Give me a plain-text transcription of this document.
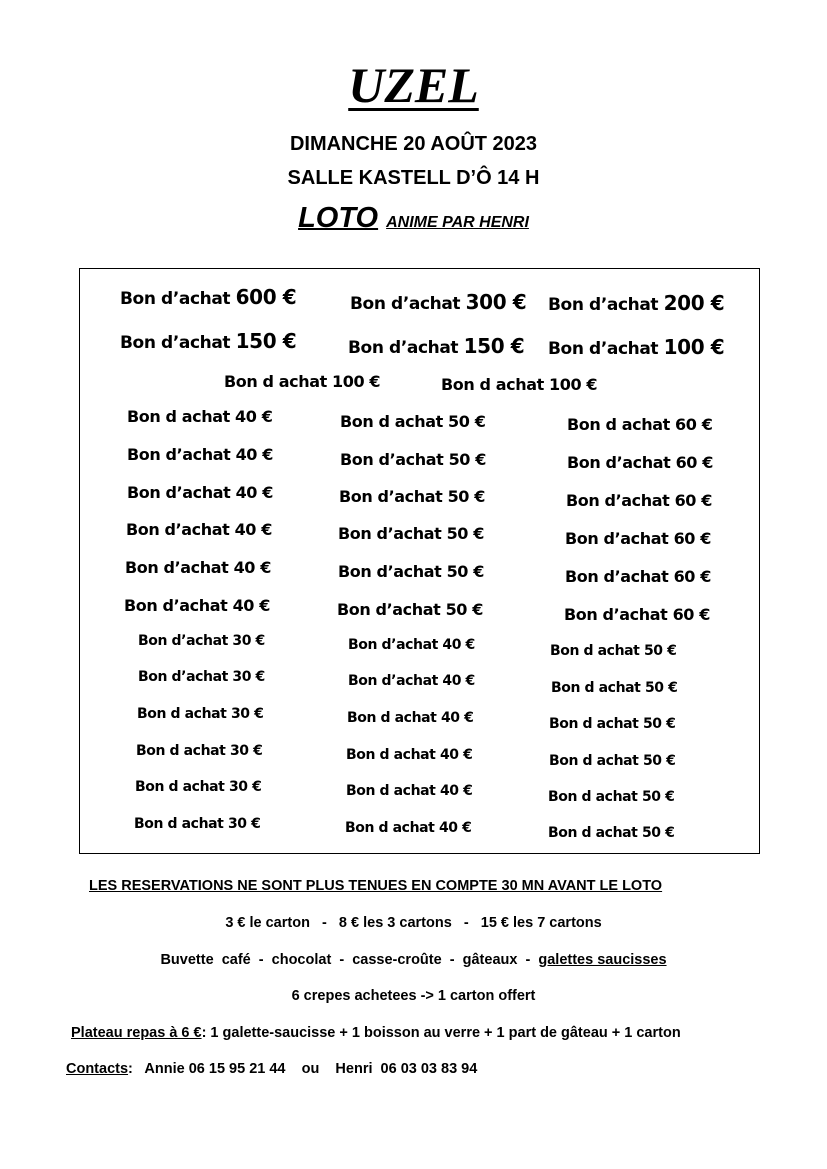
UZEL
DIMANCHE 20 AOÛT 2023
SALLE KASTELL D’Ô 14 H
LOTO ANIME PAR HENRI
Bon d’achat 600 €	Bon d’achat 300 € Bon d’achat 200 €
Bon d’achat 150 €	Bon d’achat 150 € Bon d’achat 100 €
Bon d achat 100 €	Bon d achat 100 €
Bon d achat 40 €	Bon d achat 50 €	Bon d achat 60 €
Bon d’achat 40 €	Bon d’achat 50 €	Bon d’achat 60 €
Bon d’achat 40 €	Bon d’achat 50 €	Bon d’achat 60 €
Bon d’achat 40 €	Bon d’achat 50 €	Bon d’achat 60 €
Bon d’achat 40 €	Bon d’achat 50 €	Bon d’achat 60 €
Bon d’achat 40 €	Bon d’achat 50 €	Bon d’achat 60 €
Bon d’achat 30 €	Bon d’achat 40 €	Bon d achat 50 €
Bon d’achat 30 €	Bon d’achat 40 €	Bon d achat 50 €
Bon d achat 30 €	Bon d achat 40 €	Bon d achat 50 €
Bon d achat 30 €	Bon d achat 40 €	Bon d achat 50 €
Bon d achat 30 €	Bon d achat 40 €	Bon d achat 50 €
Bon d achat 30 €	Bon d achat 40 €	Bon d achat 50 €
LES RESERVATIONS NE SONT PLUS TENUES EN COMPTE 30 MN AVANT LE LOTO
3 € le carton   -   8 € les 3 cartons   -   15 € les 7 cartons
Buvette  café  -  chocolat  -  casse-croûte  -  gâteaux  -  galettes saucisses
6 crepes achetees -> 1 carton offert
Plateau repas à 6 €: 1 galette-saucisse + 1 boisson au verre + 1 part de gâteau + 1 carton
Contacts:   Annie 06 15 95 21 44    ou    Henri  06 03 03 83 94
